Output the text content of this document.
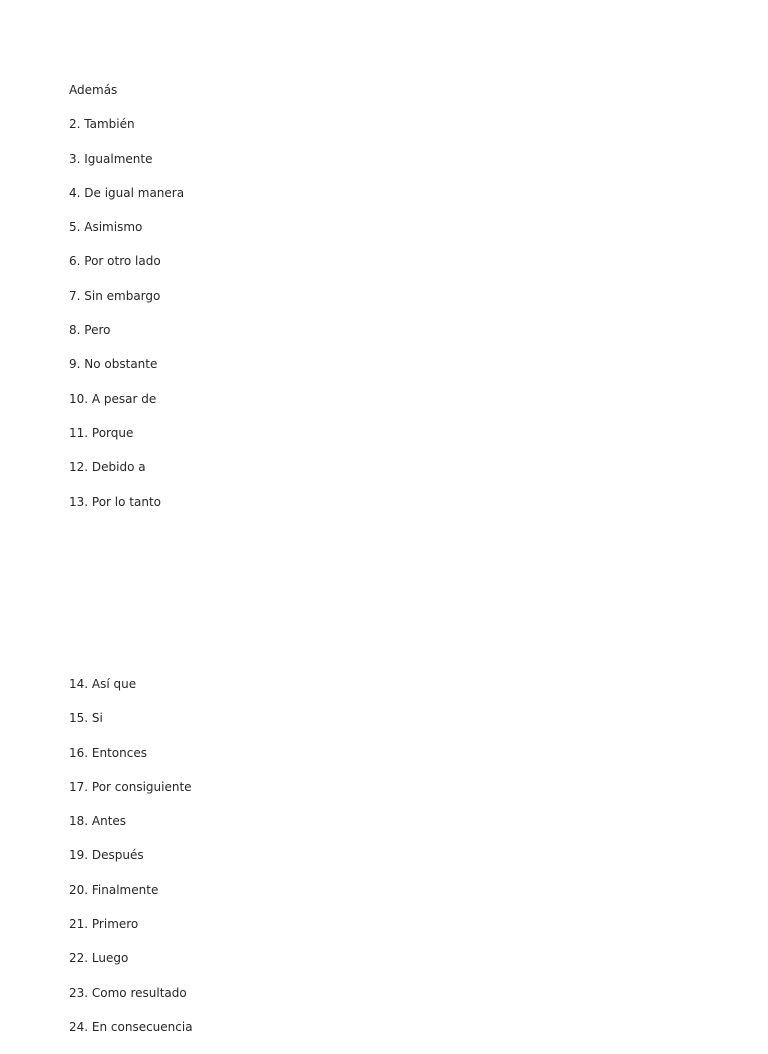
Además
2. También
3. Igualmente
4. De igual manera
5. Asimismo
6. Por otro lado
7. Sin embargo
8. Pero
9. No obstante
10. A pesar de
11. Porque
12. Debido a
13. Por lo tanto
14. Así que
15. Si
16. Entonces
17. Por consiguiente
18. Antes
19. Después
20. Finalmente
21. Primero
22. Luego
23. Como resultado
24. En consecuencia
